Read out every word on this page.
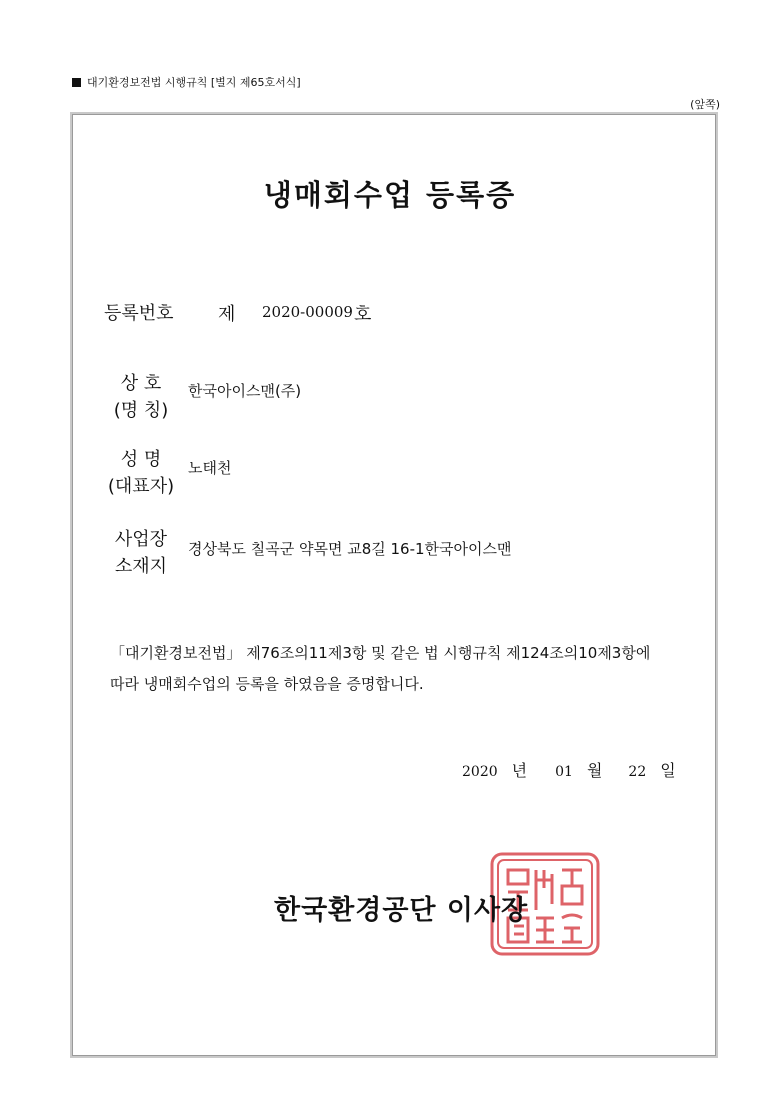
대기환경보전법 시행규칙 [별지 제65호서식]
(앞쪽)
냉매회수업 등록증
등록번호 제 2020-00009 호
상 호
(명 칭)
한국아이스맨(주)
성 명
(대표자)
노태천
사업장
소재지
경상북도 칠곡군 약목면 교8길 16-1한국아이스맨
「대기환경보전법」 제76조의11제3항 및 같은 법 시행규칙 제124조의10제3항에
따라 냉매회수업의 등록을 하였음을 증명합니다.
2020 년 01 월 22 일
한국환경공단 이사장
